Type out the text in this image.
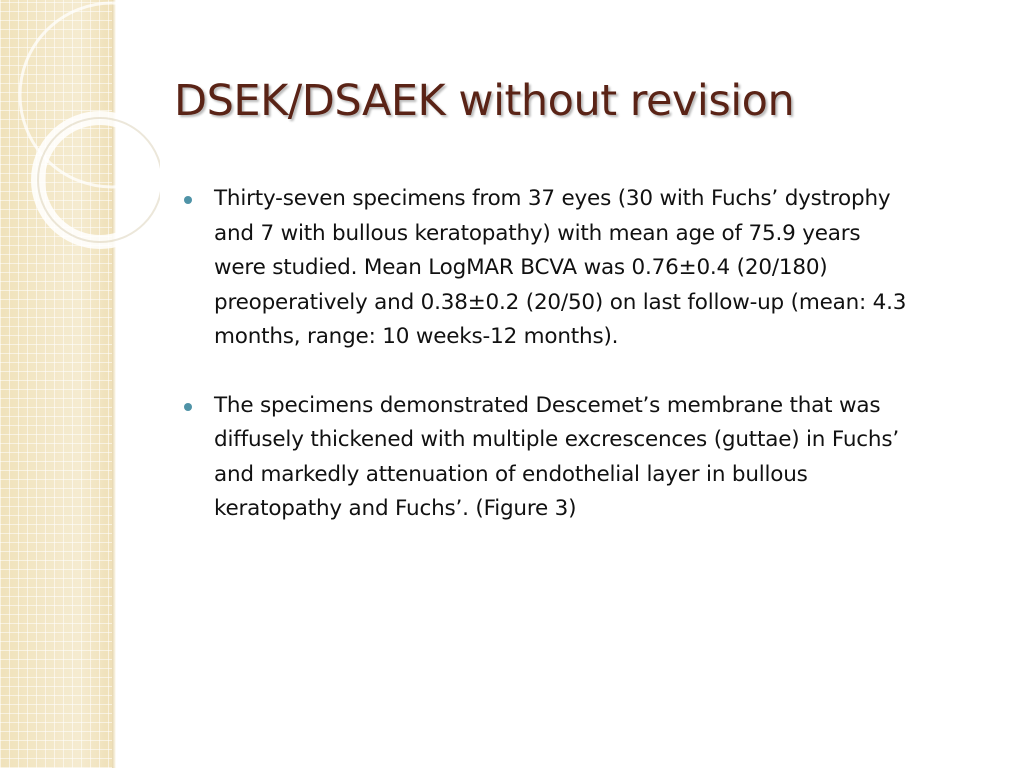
DSEK/DSAEK without revision
Thirty-seven specimens from 37 eyes (30 with Fuchs’ dystrophy and 7 with bullous keratopathy) with mean age of 75.9 years were studied. Mean LogMAR BCVA was 0.76±0.4 (20/180) preoperatively and 0.38±0.2 (20/50) on last follow-up (mean: 4.3 months, range: 10 weeks-12 months).
The specimens demonstrated Descemet’s membrane that was diffusely thickened with multiple excrescences (guttae) in Fuchs’ and markedly attenuation of endothelial layer in bullous keratopathy and Fuchs’. (Figure 3)
